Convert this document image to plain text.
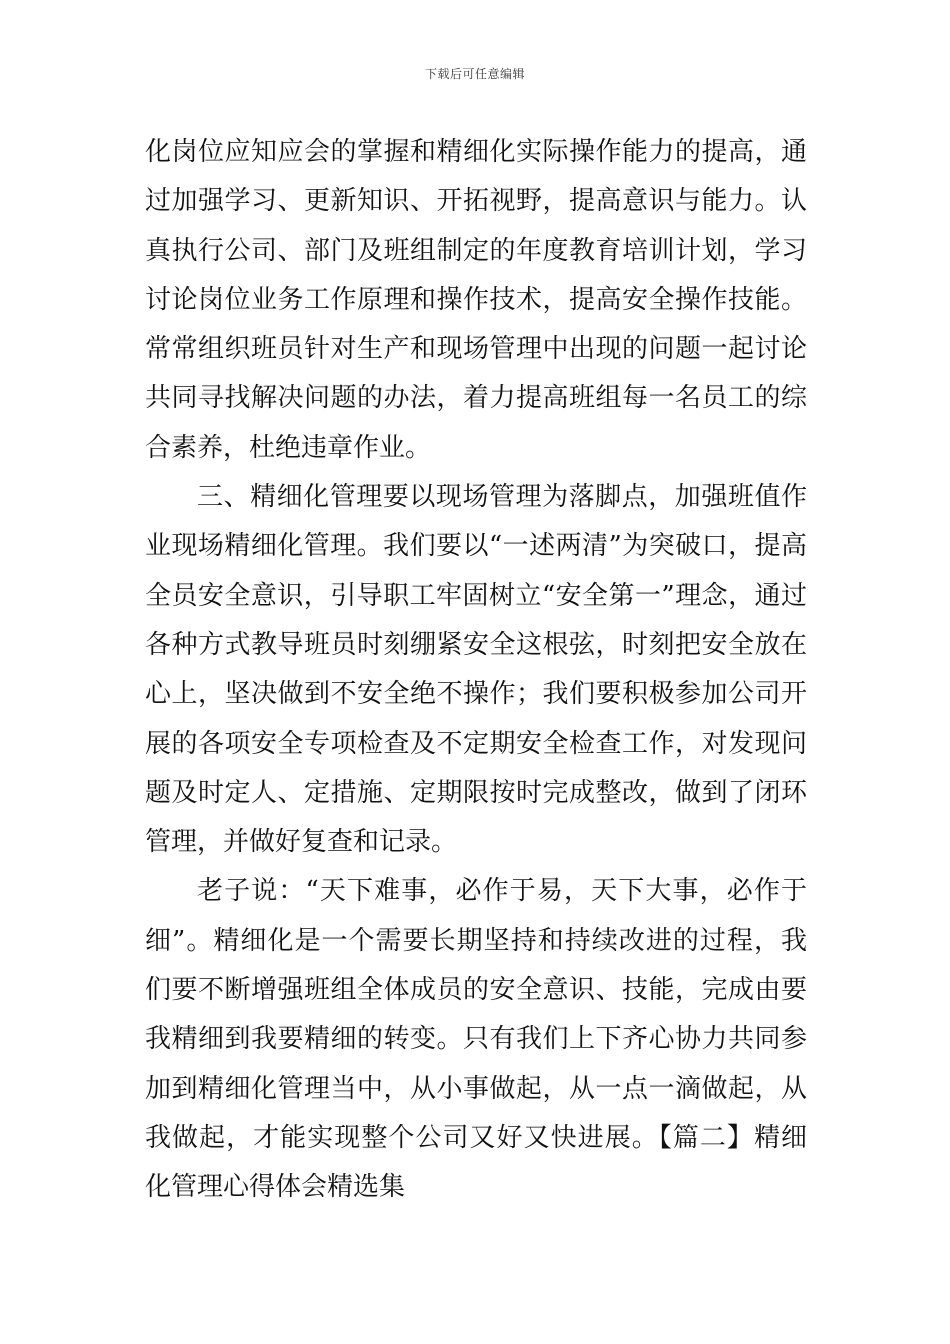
下载后可任意编辑

化岗位应知应会的掌握和精细化实际操作能力的提高，通过加强学习、更新知识、开拓视野，提高意识与能力。认真执行公司、部门及班组制定的年度教育培训计划，学习讨论岗位业务工作原理和操作技术，提高安全操作技能。常常组织班员针对生产和现场管理中出现的问题一起讨论共同寻找解决问题的办法，着力提高班组每一名员工的综合素养，杜绝违章作业。

三、精细化管理要以现场管理为落脚点，加强班值作业现场精细化管理。我们要以“一述两清”为突破口，提高全员安全意识，引导职工牢固树立“安全第一”理念，通过各种方式教导班员时刻绷紧安全这根弦，时刻把安全放在心上，坚决做到不安全绝不操作；我们要积极参加公司开展的各项安全专项检查及不定期安全检查工作，对发现问题及时定人、定措施、定期限按时完成整改，做到了闭环管理，并做好复查和记录。

老子说：“天下难事，必作于易，天下大事，必作于细”。精细化是一个需要长期坚持和持续改进的过程，我们要不断增强班组全体成员的安全意识、技能，完成由要我精细到我要精细的转变。只有我们上下齐心协力共同参加到精细化管理当中，从小事做起，从一点一滴做起，从我做起，才能实现整个公司又好又快进展。【篇二】精细化管理心得体会精选集
